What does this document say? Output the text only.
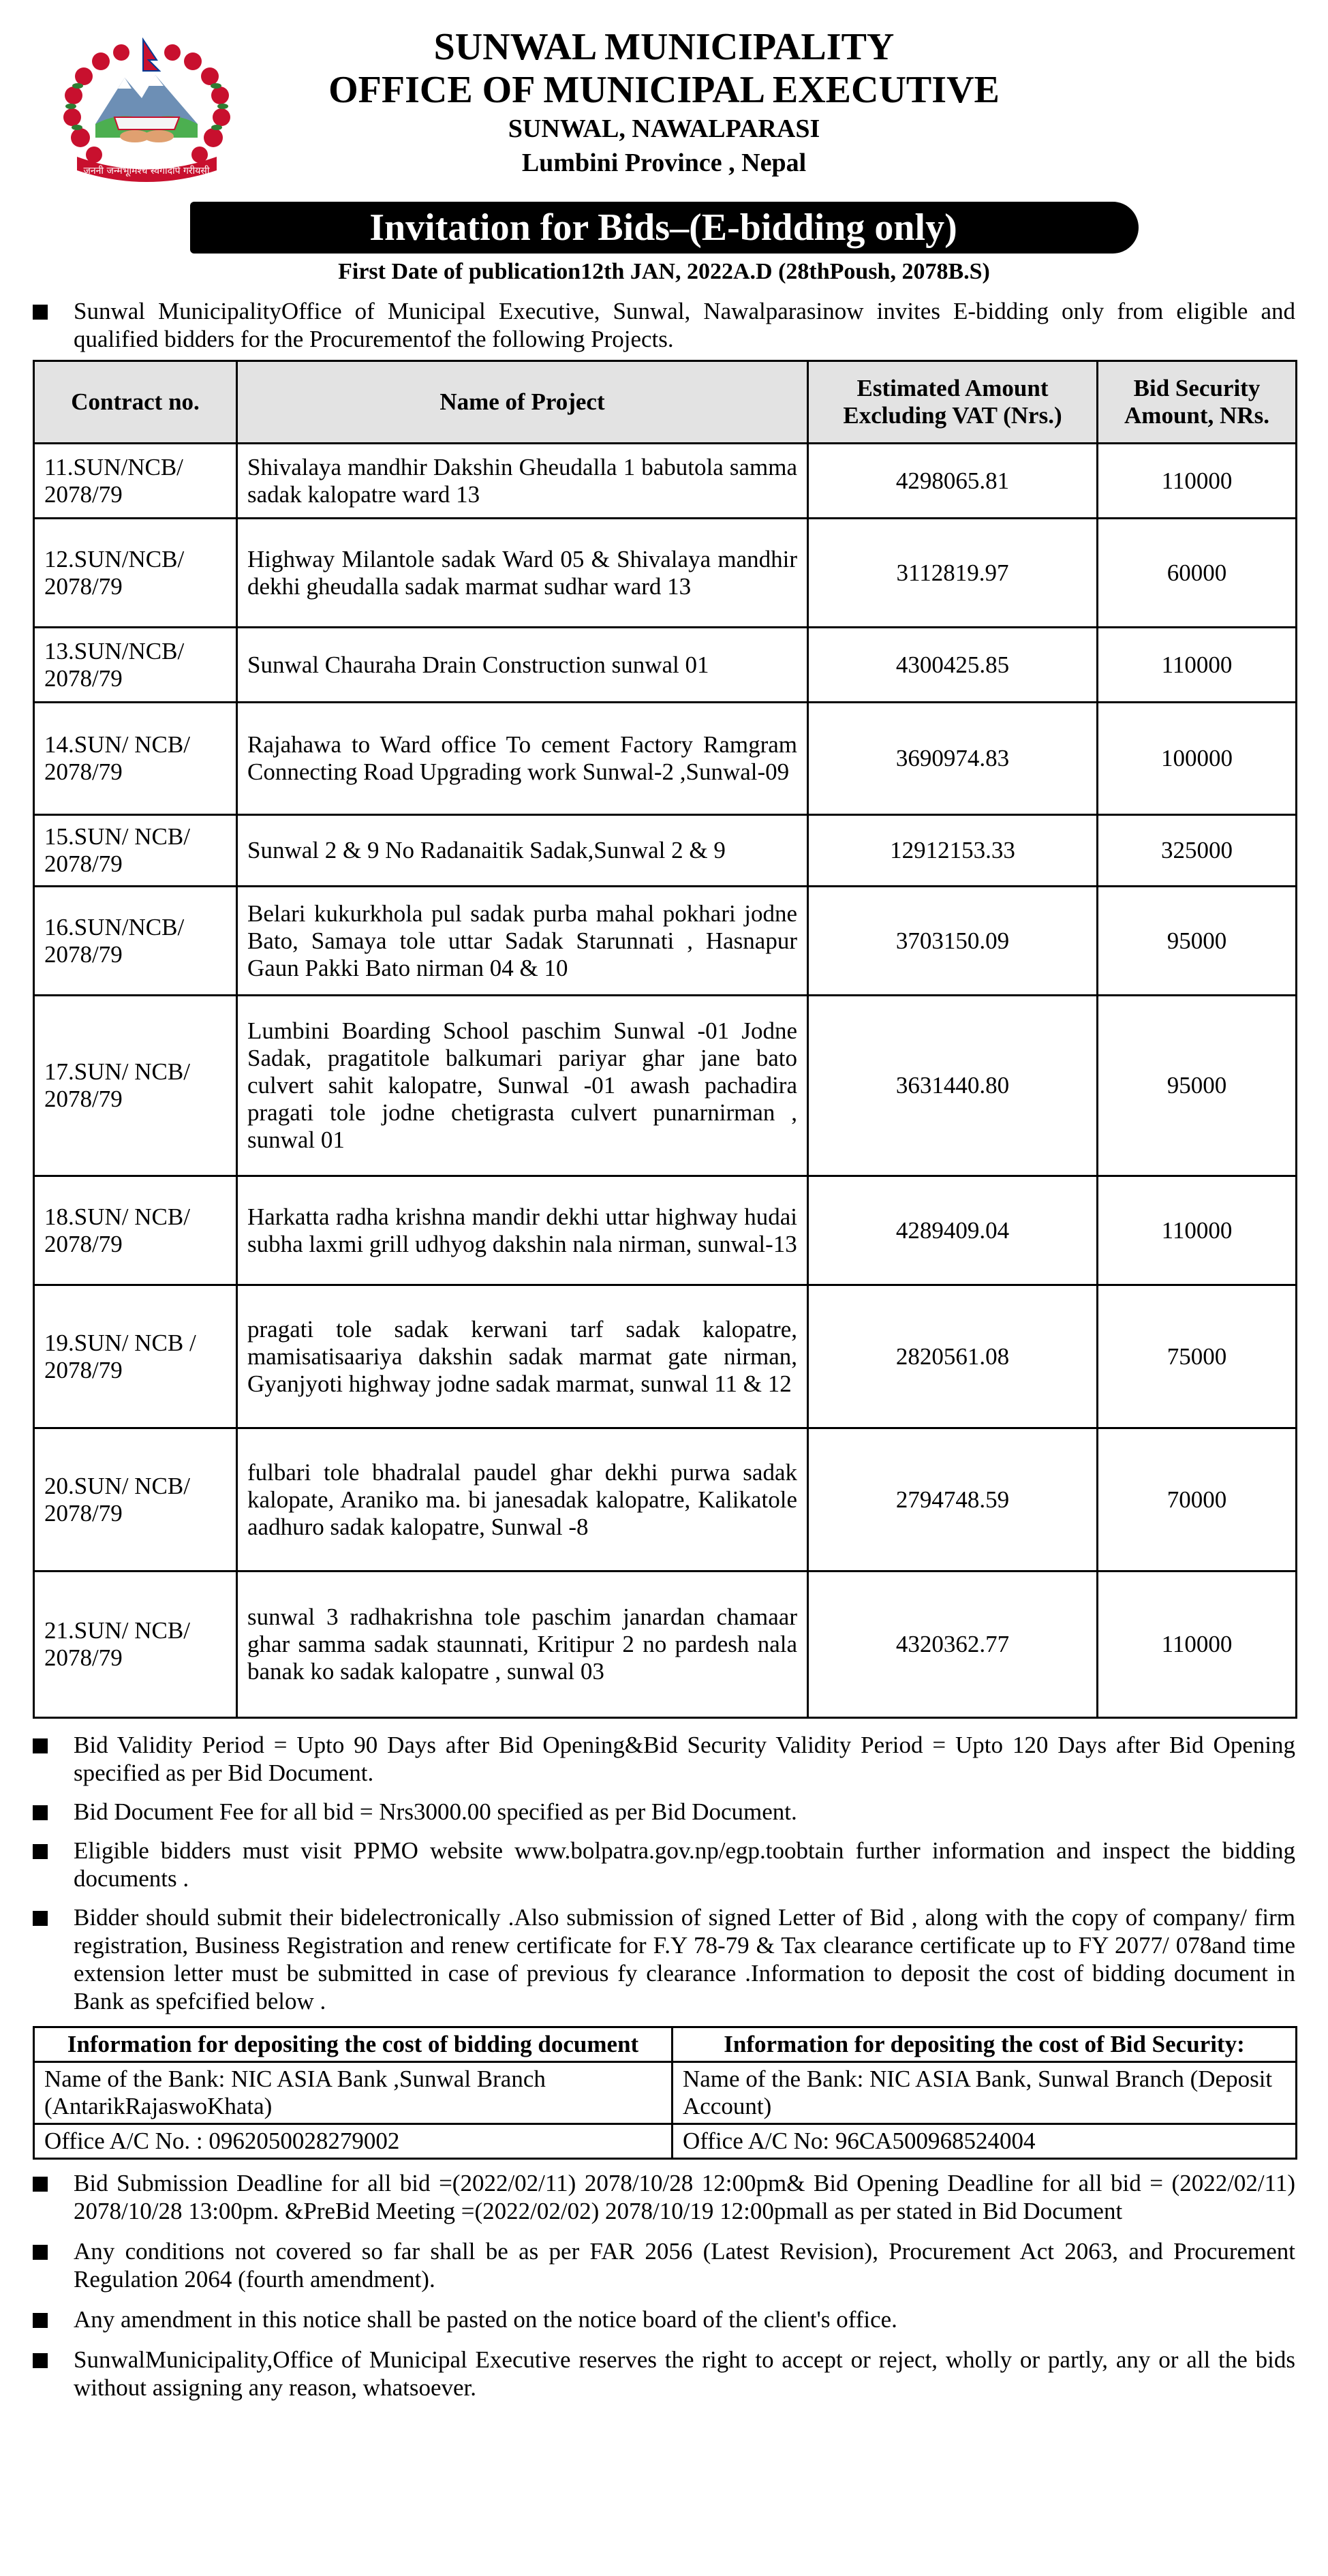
जननी जन्मभूमिश्च स्वर्गादपि गरीयसी
SUNWAL MUNICIPALITY
OFFICE OF MUNICIPAL EXECUTIVE
SUNWAL, NAWALPARASI
Lumbini Province , Nepal
Invitation for Bids–(E-bidding only)
First Date of publication12th JAN, 2022A.D (28thPoush, 2078B.S)
Sunwal MunicipalityOffice of Municipal Executive, Sunwal, Nawalparasinow invites E-bidding only from eligible and qualified bidders for the Procurementof the following Projects.
Contract no.	Name of Project	Estimated Amount Excluding VAT (Nrs.)	Bid Security Amount, NRs.
11.SUN/NCB/ 2078/79	Shivalaya mandhir Dakshin Gheudalla 1 babutola samma sadak kalopatre ward 13	4298065.81	110000
12.SUN/NCB/ 2078/79	Highway Milantole sadak Ward 05 & Shivalaya mandhir dekhi gheudalla sadak marmat sudhar ward 13	3112819.97	60000
13.SUN/NCB/ 2078/79	Sunwal Chauraha Drain Construction sunwal 01	4300425.85	110000
14.SUN/ NCB/ 2078/79	Rajahawa to Ward office To cement Factory Ramgram Connecting Road Upgrading work Sunwal-2 ,Sunwal-09	3690974.83	100000
15.SUN/ NCB/ 2078/79	Sunwal 2 & 9 No Radanaitik Sadak,Sunwal 2 & 9	12912153.33	325000
16.SUN/NCB/ 2078/79	Belari kukurkhola pul sadak purba mahal pokhari jodne Bato, Samaya tole uttar Sadak Starunnati , Hasnapur Gaun Pakki Bato nirman 04 & 10	3703150.09	95000
17.SUN/ NCB/ 2078/79	Lumbini Boarding School paschim Sunwal -01 Jodne Sadak, pragatitole balkumari pariyar ghar jane bato culvert sahit kalopatre, Sunwal -01 awash pachadira pragati tole jodne chetigrasta culvert punarnirman , sunwal 01	3631440.80	95000
18.SUN/ NCB/ 2078/79	Harkatta radha krishna mandir dekhi uttar highway hudai subha laxmi grill udhyog dakshin nala nirman, sunwal-13	4289409.04	110000
19.SUN/ NCB / 2078/79	pragati tole sadak kerwani tarf sadak kalopatre, mamisatisaariya dakshin sadak marmat gate nirman, Gyanjyoti highway jodne sadak marmat, sunwal 11 & 12	2820561.08	75000
20.SUN/ NCB/ 2078/79	fulbari tole bhadralal paudel ghar dekhi purwa sadak kalopate, Araniko ma. bi janesadak kalopatre, Kalikatole aadhuro sadak kalopatre, Sunwal -8	2794748.59	70000
21.SUN/ NCB/ 2078/79	sunwal 3 radhakrishna tole paschim janardan chamaar ghar samma sadak staunnati, Kritipur 2 no pardesh nala banak ko sadak kalopatre , sunwal 03	4320362.77	110000
Bid Validity Period = Upto 90 Days after Bid Opening&Bid Security Validity Period = Upto 120 Days after Bid Opening specified as per Bid Document.
Bid Document Fee for all bid = Nrs3000.00 specified as per Bid Document.
Eligible bidders must visit PPMO website www.bolpatra.gov.np/egp.toobtain further information and inspect the bidding documents .
Bidder should submit their bidelectronically .Also submission of signed Letter of Bid , along with the copy of company/ firm registration, Business Registration and renew certificate for F.Y 78-79 & Tax clearance certificate up to FY 2077/ 078and time extension letter must be submitted in case of previous fy clearance .Information to deposit the cost of bidding document in Bank as spefcified below .
Information for depositing the cost of bidding document	Information for depositing the cost of Bid Security:
Name of the Bank: NIC ASIA Bank ,Sunwal Branch (AntarikRajaswoKhata)	Name of the Bank: NIC ASIA Bank, Sunwal Branch (Deposit Account)
Office A/C No. : 0962050028279002	Office A/C No: 96CA500968524004
Bid Submission Deadline for all bid =(2022/02/11) 2078/10/28 12:00pm& Bid Opening Deadline for all bid = (2022/02/11) 2078/10/28 13:00pm. &PreBid Meeting =(2022/02/02) 2078/10/19 12:00pmall as per stated in Bid Document
Any conditions not covered so far shall be as per FAR 2056 (Latest Revision), Procurement Act 2063, and Procurement Regulation 2064 (fourth amendment).
Any amendment in this notice shall be pasted on the notice board of the client's office.
SunwalMunicipality,Office of Municipal Executive reserves the right to accept or reject, wholly or partly, any or all the bids without assigning any reason, whatsoever.
